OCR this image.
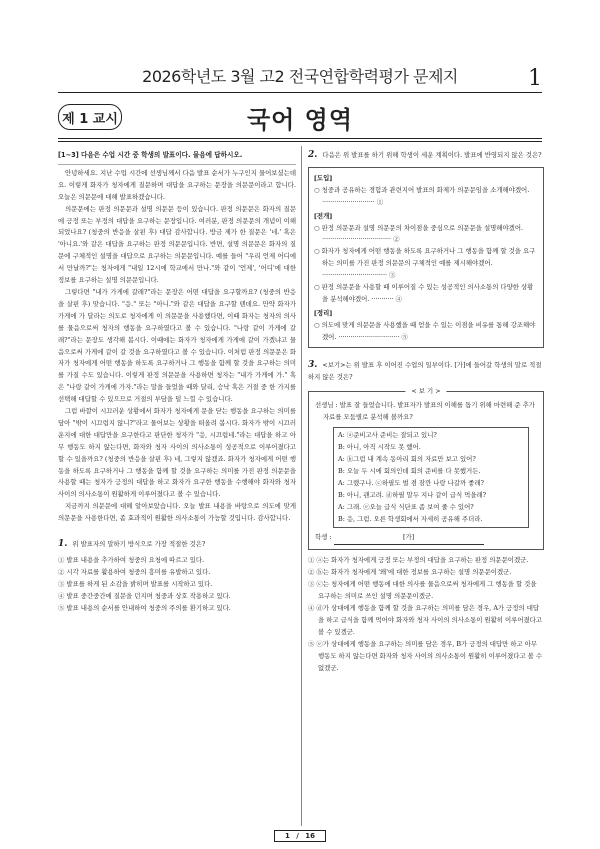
2026학년도 3월 고2 전국연합학력평가 문제지	1
제 1 교시	국어 영역
[1~3] 다음은 수업 시간 중 학생의 발표이다. 물음에 답하시오.

안녕하세요. 지난 수업 시간에 선생님께서 다음 발표 순서가 누구인지 물어보셨는데요. 이렇게 화자가 청자에게 질문하며 대답을 요구하는 문장을 의문문이라고 합니다. 오늘은 의문문에 대해 발표하겠습니다.

의문문에는 판정 의문문과 설명 의문문 등이 있습니다. 판정 의문문은 화자의 질문에 긍정 또는 부정의 대답을 요구하는 문장입니다. 여러분, 판정 의문문의 개념이 이해되었나요? (청중의 반응을 살핀 후) 대답 감사합니다. 방금 제가 한 질문은 '네.' 혹은 '아니요.'와 같은 대답을 요구하는 판정 의문문입니다. 반면, 설명 의문문은 화자의 질문에 구체적인 설명을 대답으로 요구하는 의문문입니다. 예를 들어 "우리 언제 어디에서 만날까?"는 청자에게 "내일 12시에 학교에서 만나."와 같이 '언제', '어디'에 대한 정보를 요구하는 설명 의문문입니다.

그렇다면 "내가 가게에 갈래?"라는 문장은 어떤 대답을 요구할까요? (청중의 반응을 살핀 후) 맞습니다. "응." 또는 "아니."와 같은 대답을 요구할 텐데요. 만약 화자가 가게에 가 달라는 의도로 청자에게 이 의문문을 사용했다면, 이때 화자는 청자의 의사를 물음으로써 청자의 행동을 요구하였다고 볼 수 있습니다. "나랑 같이 가게에 갈래?"라는 문장도 생각해 봅시다. 이때에는 화자가 청자에게 가게에 같이 가겠냐고 물음으로써 가게에 같이 갈 것을 요구하였다고 볼 수 있습니다. 이처럼 판정 의문문은 화자가 청자에게 어떤 행동을 하도록 요구하거나 그 행동을 함께 할 것을 요구하는 의미를 가질 수도 있습니다. 이렇게 판정 의문문을 사용하면 청자는 "내가 가게에 가." 혹은 "나랑 같이 가게에 가자."라는 말을 들었을 때와 달리, 승낙 혹은 거절 중 한 가지를 선택해 대답할 수 있으므로 거절의 부담을 덜 느낄 수 있습니다.

그럼 바깥이 시끄러운 상황에서 화자가 청자에게 문을 닫는 행동을 요구하는 의미를 담아 "밖이 시끄럽지 않니?"라고 물어보는 상황을 떠올려 봅시다. 화자가 밖이 시끄러운지에 대한 대답만을 요구한다고 판단한 청자가 "응, 시끄럽네."라는 대답을 하고 아무 행동도 하지 않는다면, 화자와 청자 사이의 의사소통이 성공적으로 이루어졌다고 할 수 있을까요? (청중의 반응을 살핀 후) 네, 그렇지 않겠죠. 화자가 청자에게 어떤 행동을 하도록 요구하거나 그 행동을 함께 할 것을 요구하는 의미를 가진 판정 의문문을 사용할 때는 청자가 긍정의 대답을 하고 화자가 요구한 행동을 수행해야 화자와 청자 사이의 의사소통이 원활하게 이루어졌다고 볼 수 있습니다.

지금까지 의문문에 대해 알아보았습니다. 오늘 발표 내용을 바탕으로 의도에 맞게 의문문을 사용한다면, 좀 효과적이 원활한 의사소통이 가능할 것입니다. 감사합니다.

1. 위 발표자의 말하기 방식으로 가장 적절한 것은?
① 발표 내용을 추가하여 청중의 요청에 따르고 있다.
② 시각 자료를 활용하여 청중의 흥미를 유발하고 있다.
③ 발표를 하게 된 소감을 밝히며 발표를 시작하고 있다.
④ 발표 중간중간에 질문을 던지며 청중과 상호 작용하고 있다.
⑤ 발표 내용의 순서를 안내하여 청중의 주의를 환기하고 있다.
2. 다음은 위 발표를 하기 위해 학생이 세운 계획이다. 발표에 반영되지 않은 것은?
[도입]
○ 청중과 공유하는 경험과 관련지어 발표의 화제가 의문문임을 소개해야겠어. ·························· ①
[전개]
○ 판정 의문문과 설명 의문문의 차이점을 중심으로 의문문을 설명해야겠어. ·································· ②
○ 화자가 청자에게 어떤 행동을 하도록 요구하거나 그 행동을 함께 할 것을 요구하는 의미를 가진 판정 의문문의 구체적인 예를 제시해야겠어. ································ ③
○ 판정 의문문을 사용할 때 이루어질 수 있는 성공적인 의사소통의 다양한 상황을 분석해야겠어. ··········· ④
[정리]
○ 의도에 맞게 의문문을 사용했을 때 얻을 수 있는 이점을 비유를 통해 강조해야겠어. ······························ ⑤
3. <보기>는 위 발표 후 이어진 수업의 일부이다. [가]에 들어갈 학생의 말로 적절하지 않은 것은?
< 보 기 >
선생님 : 발표 잘 들었습니다. 발표자가 발표의 이해를 돕기 위해 마련해 준 추가 자료를 모둠별로 분석해 볼까요?
A: ⓐ준비고사 준비는 잘되고 있니?
B: 아니, 아직 시작도 못 했어.
A: ⓑ그럼 내 계속 동아리 회의 자료만 보고 있어?
B: 오늘 두 시에 회의인데 회의 준비를 다 못했거든.
A: 그랬구나. ⓒ하필도 벌 겸 잠깐 나랑 나갈까 좋래?
B: 아니, 괜고려. ⓓ하필 말두 지나 같이 급식 먹을래?
A: 그래. ⓔ오늘 급식 식단표 좀 보여 줄 수 있어?
B: 응, 그럼. 오른 학생회에서 자세히 공유해 주더라.
학생 :	[가]
① ⓐ는 화자가 청자에게 긍정 또는 부정의 대답을 요구하는 판정 의문문이겠군.
② ⓑ는 화자가 청자에게 '왜'에 대한 정보를 요구하는 설명 의문문이겠군.
③ ⓒ는 청자에게 어떤 행동에 대한 의사를 물음으로써 청자에게 그 행동을 할 것을 요구하는 의미로 쓰인 설명 의문문이겠군.
④ ⓓ가 상대에게 행동을 함께 할 것을 요구하는 의미를 담은 경우, A가 긍정의 대답을 하고 급식을 함께 먹어야 화자와 청자 사이의 의사소통이 원활히 이루어졌다고 볼 수 있겠군.
⑤ ⓔ가 상대에게 행동을 요구하는 의미를 담은 경우, B가 긍정의 대답만 하고 아무 행동도 하지 않는다면 화자와 청자 사이의 의사소통이 원활히 이루어졌다고 볼 수 없겠군.
1 / 16
